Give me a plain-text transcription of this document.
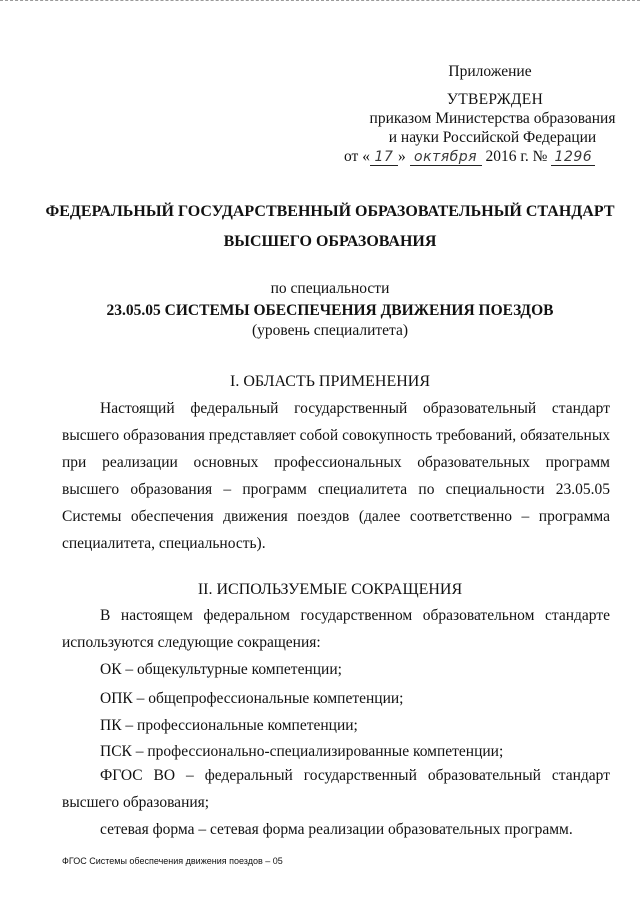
Приложение
УТВЕРЖДЕН
приказом Министерства образования
и науки Российской Федерации
от « 17 » октября 2016 г. № 1296
ФЕДЕРАЛЬНЫЙ ГОСУДАРСТВЕННЫЙ ОБРАЗОВАТЕЛЬНЫЙ СТАНДАРТ
ВЫСШЕГО ОБРАЗОВАНИЯ
по специальности
23.05.05 СИСТЕМЫ ОБЕСПЕЧЕНИЯ ДВИЖЕНИЯ ПОЕЗДОВ
(уровень специалитета)
I. ОБЛАСТЬ ПРИМЕНЕНИЯ

Настоящий федеральный государственный образовательный стандарт высшего образования представляет собой совокупность требований, обязательных при реализации основных профессиональных образовательных программ высшего образования – программ специалитета по специальности 23.05.05 Системы обеспечения движения поездов (далее соответственно – программа специалитета, специальность).

II. ИСПОЛЬЗУЕМЫЕ СОКРАЩЕНИЯ

В настоящем федеральном государственном образовательном стандарте используются следующие сокращения:

ОК – общекультурные компетенции;
ОПК – общепрофессиональные компетенции;
ПК – профессиональные компетенции;
ПСК – профессионально-специализированные компетенции;

ФГОС ВО – федеральный государственный образовательный стандарт высшего образования;

сетевая форма – сетевая форма реализации образовательных программ.
ФГОС Системы обеспечения движения поездов – 05
